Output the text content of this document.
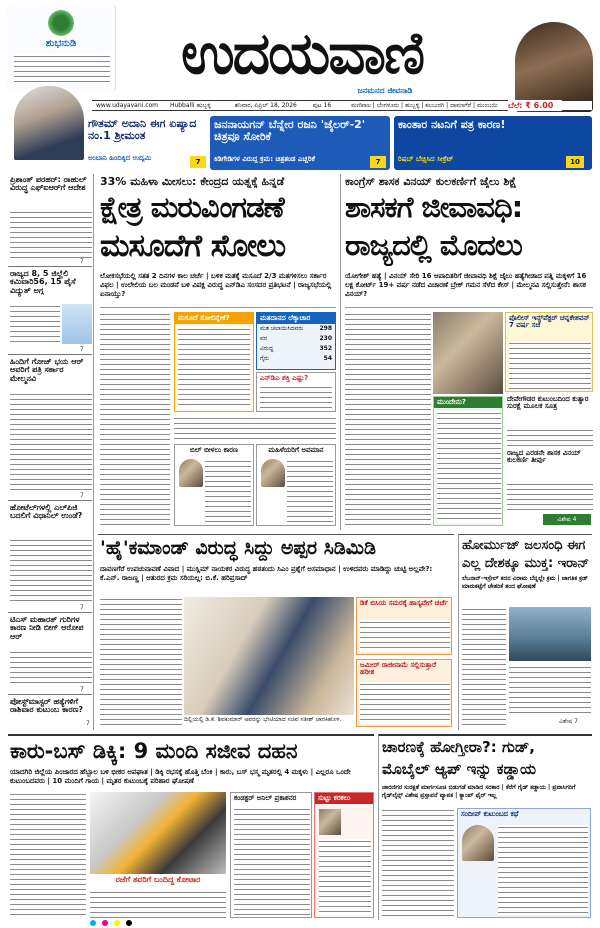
ಶುಭನುಡಿ	ಉದಯವಾಣಿ
ಜನಮನದ ಜೀವನಾಡಿ
www.udayavani.com Hubballi ಹುಬ್ಬಳ್ಳಿ	ಶನಿವಾರ, ಏಪ್ರಿಲ್ 18, 2026	ಪುಟ 16	ಮಣಿಪಾಲ | ಬೆಂಗಳೂರು | ಹುಬ್ಬಳ್ಳಿ | ಕಲಬುರಗಿ | ದಾವಣಗೆರೆ | ಮುಂಬಯಿ	ಬೆಲೆ: ₹ 6.00
ಗೌತಮ್ ಅದಾನಿ ಈಗ ಏಷ್ಯಾದ ನಂ.1 ಶ್ರೀಮಂತ
ಅಂಬಾನಿ ಹಿಂದಿಕ್ಕಿದ ಉದ್ಯಮಿ	7
ಜನನಾಯಗನ್ ಬೆನ್ನೇರ ರಜನಿ 'ಜೈಲರ್-2' ಚಿತ್ರವೂ ಸೋರಿಕೆ
ಕಿಡಿಗೇಡಿಗಳ ವಿರುದ್ಧ ಕ್ರಮ: ಚಿತ್ರತಂಡ ಎಚ್ಚರಿಕೆ	7
ಕಾಂತಾರ ನಟನಿಗೆ ಪತ್ರ ಕಾರಣ!
ರಿಷಬ್ ಬೆಚ್ಚಿಸಿದ ಸೀಕ್ರೆಟ್	10
ಪ್ರಿಶಾಂತ್ ಪರಹರ್: ರಾಹುಲ್ ವಿರುದ್ಧ ಎಫ್ಐಆರ್‌ಗೆ ಆದೇಶ
7
ರಾಜ್ಯದ 8, 5 ಜಿಲ್ಲೆಲಿ ಕಮಿವಾರಿ56, 15 ಪೈಸೆ ವಿದ್ಯುತ್ ಅಗ್ಗ
7
ಹಿಂದಿಗೆ ಗೋಜ್ ಭಯ ಆರ್‌ ಅವರಿಗೆ ಪತ್ರಿ ಸರ್ಕಾರ ಮೇಲ್ಮನವಿ
7
ಹೋಟೆಲ್‌ಗಳಲ್ಲಿ ಎಲ್‌ಪಿಜಿ ಬದಲಿಗೆ ವಿಧಾನಿಲ್ ಉಂಡೆ?
7
ಟಿಎಸ್ ಮಹಾರತ್ ಗುರಿಗಳ ಕಾರಣ ನೀಡಿ ಬೀಗ್ ಆರೋಪ ಆರ್
7
ಪೋಸ್ಟ್‌ಮಾಸ್ಟರ್ ಹತ್ಯೆಗಳಿಗೆ ರಾಶಿವಾರ ಕುಟುಂಬ ಕಾರಣ?
7
33% ಮಹಿಳಾ ಮೀಸಲು: ಕೇಂದ್ರದ ಯತ್ನಕ್ಕೆ ಹಿನ್ನಡೆ
ಕ್ಷೇತ್ರ ಮರುವಿಂಗಡಣೆ
ಮಸೂದೆಗೆ ಸೋಲು
ಲೋಕಸಭೆಯಲ್ಲಿ ಸತತ 2 ದಿನಗಳ ಕಾಲ ಚರ್ಚೆ | ಬಳಿಕ ಮತಕ್ಕೆ ಮಸೂದೆ 2/3 ಮತಗಳಿಸಲು ಸರ್ಕಾರ ವಿಫಲ | ಉಲೇಲಿಯ ಬಲ ಮಂಡನೆ ಬಳಿ ವಿಪಕ್ಷ ವಿರುದ್ಧ ಎನ್‌ಡಿಎ ಸಂಸದರ ಪ್ರತಿಭಟನೆ | ರಾಜ್ಯಸಭೆಯಲ್ಲಿ ಏನಾಯ್ತು?
ಮಸೂದೆ ಸೋಲಿನ್ನೇಕೆ?	ಮತದಾನದ ಲೆಕ್ಕಾಚಾರ
ಮತ ಚಲಾಯಿಸಿದವರು	298
ಪರ	230
ವಿರುದ್ಧ	352
ಗೈರು	54
ಎನ್‌ಡಿಎ ಶಕ್ತಿ ಎಷ್ಟು?
ಬಿಲ್ ಬೀಳಲು ಕಾರಣ	ಮಹಿಳೆಯರಿಗೆ ಅವಮಾನ
ಕಾಂಗ್ರೆಸ್ ಶಾಸಕ ವಿನಯ್ ಕುಲಕರ್ಣಿಗೆ ಜೈಲು ಶಿಕ್ಷೆ
ಶಾಸಕಗೆ ಜೀವಾವಧಿ:
ರಾಜ್ಯದಲ್ಲಿ ಮೊದಲು
ಯೋಗೇಶ್ ಹತ್ಯೆ | ವಿನಯ್ ಸೇರಿ 16 ಆಪಾದಿತರಿಗೆ ಜೀವಾವಧಿ ಶಿಕ್ಷೆ ಜೈಲು ಹತ್ಯೆಗೀಡಾದ ಪತ್ನಿ ಮಕ್ಕಳಿಗೆ 16 ಲಕ್ಷ ಕೋರ್ಟ್‌ 19+ ವರ್ಷ ನಡೆದ ವಿಚಾರಣೆ ಬ್ರೇಕ್ ಗಮನ ಸೆಳೆದ ಕೇಸ್ | ಮೇಲ್ಮನವಿ ಸಲ್ಲಿಸುತ್ತೇನೆ: ಶಾಸಕ ವಿನಯ್?
ಪೊಲೀಸ್ ಇನ್ಸ್‌ಪೆಕ್ಟರ್ ಚನ್ನಕೇಶವನ್ 7 ವರ್ಷ ಸಜೆ
ಮುಂದೇನು?	ದೇವೇಗೌಡರ ಕುಟುಂಬದಿಂದ ಕುತ್ಯಾರ ಸುರಕ್ಷೆ ಮೂಲಕ ಸೂತ್ರ
ರಾಜ್ಯದ ಎರಡನೇ ಶಾಸಕ ವಿನಯ್ ಕುಲಕರ್ಣಿ ತೀರ್ಪು
ವಿಶೇಷ 4
'ಹೈ'ಕಮಾಂಡ್ ವಿರುದ್ಧ ಸಿದ್ದು ಅಪ್ಪರ ಸಿಡಿಮಿಡಿ
ದಾವಣಗೆರೆ ಉಪಚುನಾವಣೆ ವಿವಾದ | ಮುಸ್ಲಿಮ್ ನಾಯಕರ ವಿರುದ್ಧ ಹಠತಂದು ಸಿಎಂ ಪ್ರಶ್ನೆಗೆ ಅಸಮಾಧಾನ | ಉಳಿದವರು ಮಾಡಿದ್ದು ಚುಟ್ಟಿ ಅಲ್ಲವೇ?: ಕೆ.ಎನ್. ರಾಜಣ್ಣ | ಆತುರದ ಕ್ರಮ ಸರಿಯಲ್ಲ: ಬಿ.ಕೆ. ಹರಿಪ್ರಸಾದ್
ದಿಲ್ಲಿಯಲ್ಲಿ ಡಿ.ಕೆ. ಶಿವಕುಮಾರ್ ಅವರನ್ನು ಭೇಟಿಯಾದ ಸಚಿವ ಸತೀಶ್ ಜಾರಕಿಹೊಳಿ.
ಡಿಕೆ ಬಿಸಿಯ ಸಮರಕ್ಕೆ ಹಾಸ್ಯವೇಗೆ ಚರ್ಚೆ
ಜಮೀರ್ ರಾಜೀನಾಮೆ ಸಲ್ಲಿಸುತ್ತಾರೆ ಹರೀಶ
ಹೋರ್ಮುಜ್ ಜಲಸಂಧಿ ಈಗ
ಎಲ್ಲ ದೇಶಕ್ಕೂ ಮುಕ್ತ: ಇರಾನ್
ಲೆಬನಾನ್-ಇಸ್ರೇಲ್ ಕದನ ವಿರಾಮ ಬೆನ್ನಲ್ಲೇ ಕ್ರಮ | ಜಾಗತಿಕ ಕ್ರಡ್ ಮಾರುಕಟ್ಟೆಗೆ ಚೇತರಿಕೆ ತಂದ ಘೋಷಣೆ
ವಿಶೇಷ 7
ಕಾರು-ಬಸ್ ಡಿಕ್ಕಿ: 9 ಮಂದಿ ಸಜೀವ ದಹನ
ಯಾದಗಿರಿ ಜಿಲ್ಲೆಯ ಪಿಂಜಾರದ ಹೆಬ್ಬಾಲ ಬಳಿ ಭೀಕರ ಅಪಘಾತ | ಡಿಕ್ಕಿ ರಭಸಕ್ಕೆ ಹೊತ್ತಿ ಬೆಂಕಿ | ಕಾರು, ಬಸ್ ಭಸ್ಮ ಮೃತರಲ್ಲಿ 4 ಮಕ್ಕಳು | ಎಲ್ಲರೂ ಒಂದೇ ಕುಟುಂಬದವರು | 10 ಮಂದಿಗೆ ಗಾಯ | ಮೃತರ ಕುಟುಂಬಕ್ಕೆ ಪರಿಹಾರ ಘೋಷಣೆ
ರಜೆಗೆ ತವರಿಗೆ ಬಂದಿದ್ದ ಕೋಟಾರ
ಕಂಡಕ್ಟರ್ ಅನಿಲ್ ಪ್ರಕಾಶನರ	ಸುಟ್ಟು ಕರಕಲು
ಚಾರಣಕ್ಕೆ ಹೋಗ್ತೀರಾ?: ಗುಡ್,
ಮೊಬೈಲ್ ಆ್ಯಪ್ ಇನ್ನು ಕಡ್ಡಾಯ
ಚಾರಣಿಗರ ಸುರಕ್ಷತೆ ಮಾರ್ಗಸೂಚಿ ಬಿಡುಗಡೆ ಮಾಡಿದ ಸರಕಾರ | ಕೆರೆಗೆ ಗೈಡ್ ಕಡ್ಡಾಯ | ಪ್ರವಾಸಿಗರಿಗೆ ಗೈಡ್‌ಲೈನ್ಸ್ ವಿಶೇಷ ಪ್ರಸ್ತಾವನೆ ವ್ಯಾಪಕ | ಕ್ಯಾಂಪ್ ಫೈರ್ ಇಲ್ಲ
ಸಂದೀಪ್ ಕುಟುಂಬದ ಕಥೆ
